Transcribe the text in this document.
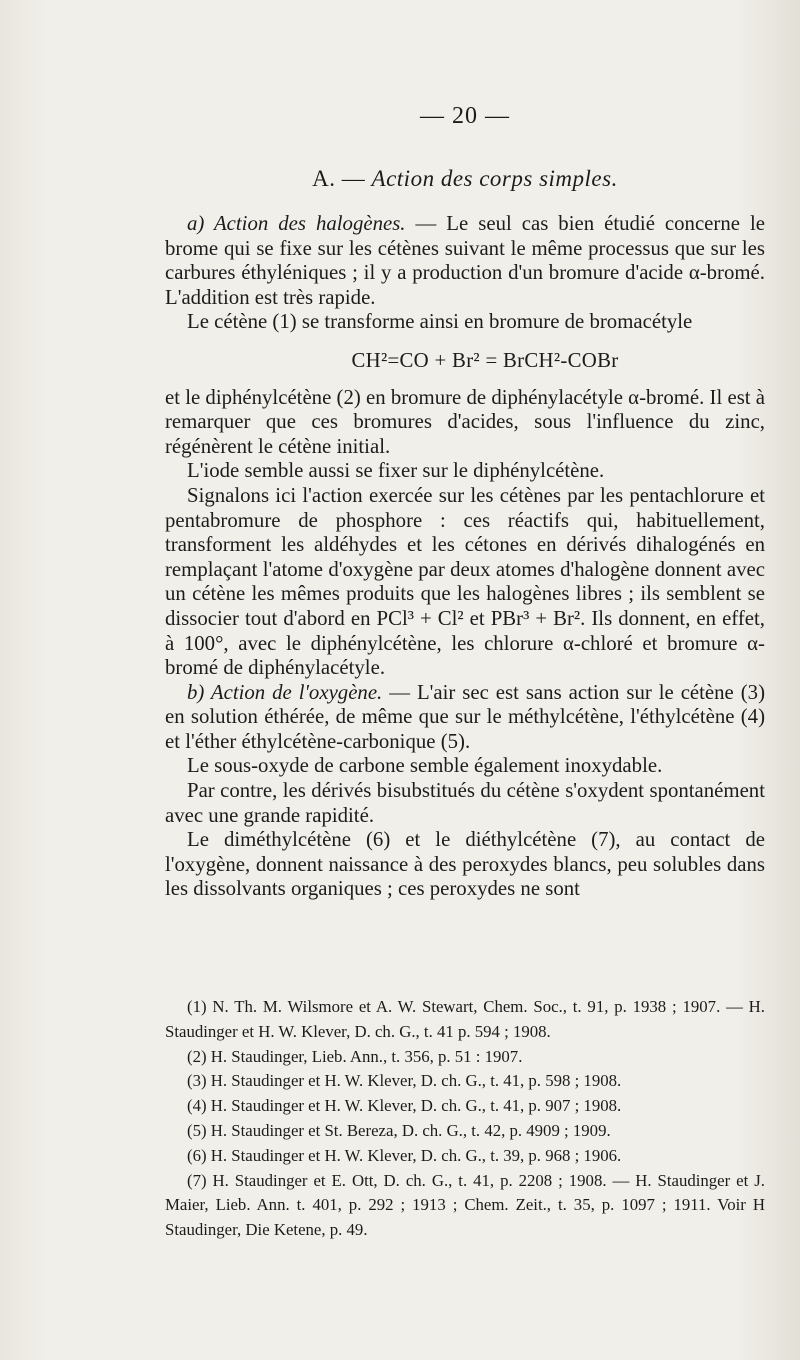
— 20 —
A. — Action des corps simples.

a) Action des halogènes. — Le seul cas bien étudié concerne le brome qui se fixe sur les cétènes suivant le même processus que sur les carbures éthyléniques ; il y a production d'un bromure d'acide α-bromé. L'addition est très rapide.

Le cétène (1) se transforme ainsi en bromure de bromacétyle

CH²=CO + Br² = BrCH²-COBr

et le diphénylcétène (2) en bromure de diphénylacétyle α-bromé. Il est à remarquer que ces bromures d'acides, sous l'influence du zinc, régénèrent le cétène initial.

L'iode semble aussi se fixer sur le diphénylcétène.

Signalons ici l'action exercée sur les cétènes par les pentachlorure et pentabromure de phosphore : ces réactifs qui, habituellement, transforment les aldéhydes et les cétones en dérivés dihalogénés en remplaçant l'atome d'oxygène par deux atomes d'halogène donnent avec un cétène les mêmes produits que les halogènes libres ; ils semblent se dissocier tout d'abord en PCl³ + Cl² et PBr³ + Br². Ils donnent, en effet, à 100°, avec le diphénylcétène, les chlorure α-chloré et bromure α-bromé de diphénylacétyle.

b) Action de l'oxygène. — L'air sec est sans action sur le cétène (3) en solution éthérée, de même que sur le méthylcétène, l'éthylcétène (4) et l'éther éthylcétène-carbonique (5).

Le sous-oxyde de carbone semble également inoxydable.

Par contre, les dérivés bisubstitués du cétène s'oxydent spontanément avec une grande rapidité.

Le diméthylcétène (6) et le diéthylcétène (7), au contact de l'oxygène, donnent naissance à des peroxydes blancs, peu solubles dans les dissolvants organiques ; ces peroxydes ne sont

(1) N. Th. M. Wilsmore et A. W. Stewart, Chem. Soc., t. 91, p. 1938 ; 1907. — H. Staudinger et H. W. Klever, D. ch. G., t. 41 p. 594 ; 1908.

(2) H. Staudinger, Lieb. Ann., t. 356, p. 51 : 1907.

(3) H. Staudinger et H. W. Klever, D. ch. G., t. 41, p. 598 ; 1908.

(4) H. Staudinger et H. W. Klever, D. ch. G., t. 41, p. 907 ; 1908.

(5) H. Staudinger et St. Bereza, D. ch. G., t. 42, p. 4909 ; 1909.

(6) H. Staudinger et H. W. Klever, D. ch. G., t. 39, p. 968 ; 1906.

(7) H. Staudinger et E. Ott, D. ch. G., t. 41, p. 2208 ; 1908. — H. Staudinger et J. Maier, Lieb. Ann. t. 401, p. 292 ; 1913 ; Chem. Zeit., t. 35, p. 1097 ; 1911. Voir H Staudinger, Die Ketene, p. 49.
